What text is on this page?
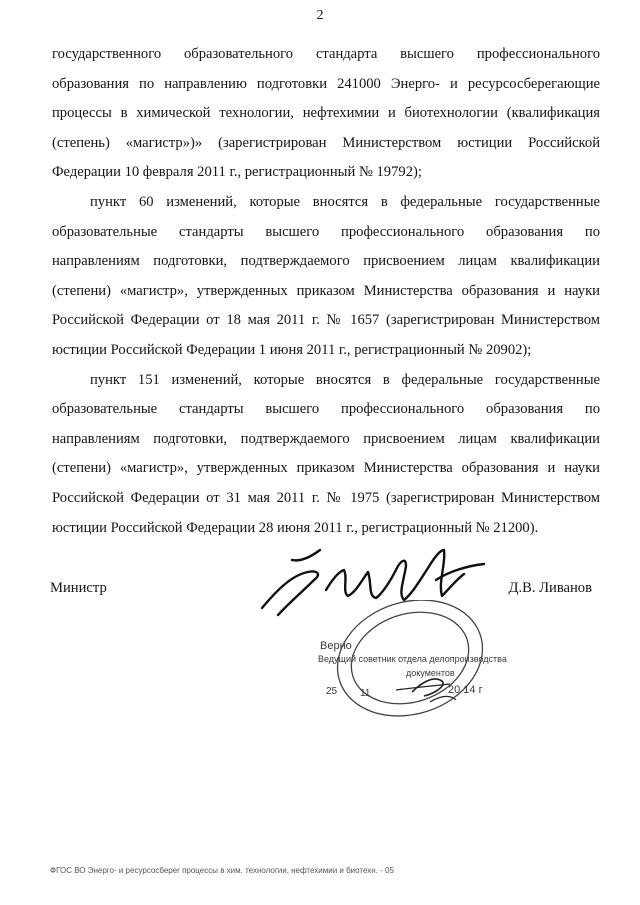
2

государственного образовательного стандарта высшего профессионального образования по направлению подготовки 241000 Энерго- и ресурсосберегающие процессы в химической технологии, нефтехимии и биотехнологии (квалификация (степень) «магистр»)» (зарегистрирован Министерством юстиции Российской Федерации 10 февраля 2011 г., регистрационный № 19792);

пункт 60 изменений, которые вносятся в федеральные государственные образовательные стандарты высшего профессионального образования по направлениям подготовки, подтверждаемого присвоением лицам квалификации (степени) «магистр», утвержденных приказом Министерства образования и науки Российской Федерации от 18 мая 2011 г. № 1657 (зарегистрирован Министерством юстиции Российской Федерации 1 июня 2011 г., регистрационный № 20902);

пункт 151 изменений, которые вносятся в федеральные государственные образовательные стандарты высшего профессионального образования по направлениям подготовки, подтверждаемого присвоением лицам квалификации (степени) «магистр», утвержденных приказом Министерства образования и науки Российской Федерации от 31 мая 2011 г. № 1975 (зарегистрирован Министерством юстиции Российской Федерации 28 июня 2011 г., регистрационный № 21200).

Министр	Д.В. Ливанов
Верно
Ведущий советник отдела делопроизводства
документов
25 11	20 14 г
ФГОС ВО Энерго- и ресурсосбереr процессы в хим. технологии, нефтехимии и биотехн. - 05
